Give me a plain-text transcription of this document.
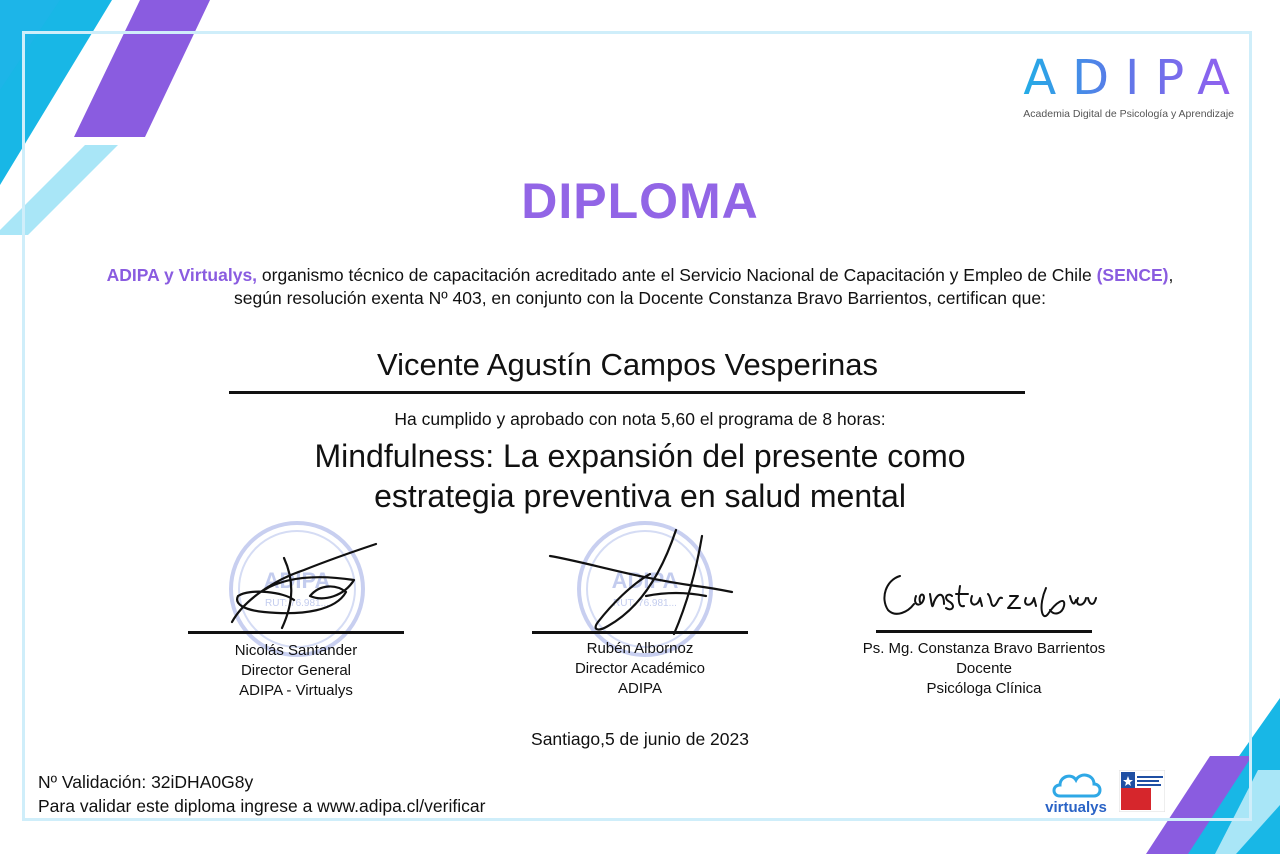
ADIPA
Academia Digital de Psicología y Aprendizaje
DIPLOMA
ADIPA y Virtualys, organismo técnico de capacitación acreditado ante el Servicio Nacional de Capacitación y Empleo de Chile (SENCE), según resolución exenta Nº 403, en conjunto con la Docente Constanza Bravo Barrientos, certifican que:
Vicente Agustín Campos Vesperinas
Ha cumplido y aprobado con nota 5,60 el programa de 8 horas:
Mindfulness: La expansión del presente como
estrategia preventiva en salud mental
ADIPA
RUT: 76.981...
ADIPA
RUT: 76.981...
Nicolás Santander
Director General
ADIPA - Virtualys
Rubén Albornoz
Director Académico
ADIPA
Ps. Mg. Constanza Bravo Barrientos
Docente
Psicóloga Clínica
Santiago,5 de junio de 2023
Nº Validación: 32iDHA0G8y
Para validar este diploma ingrese a www.adipa.cl/verificar	virtualys
